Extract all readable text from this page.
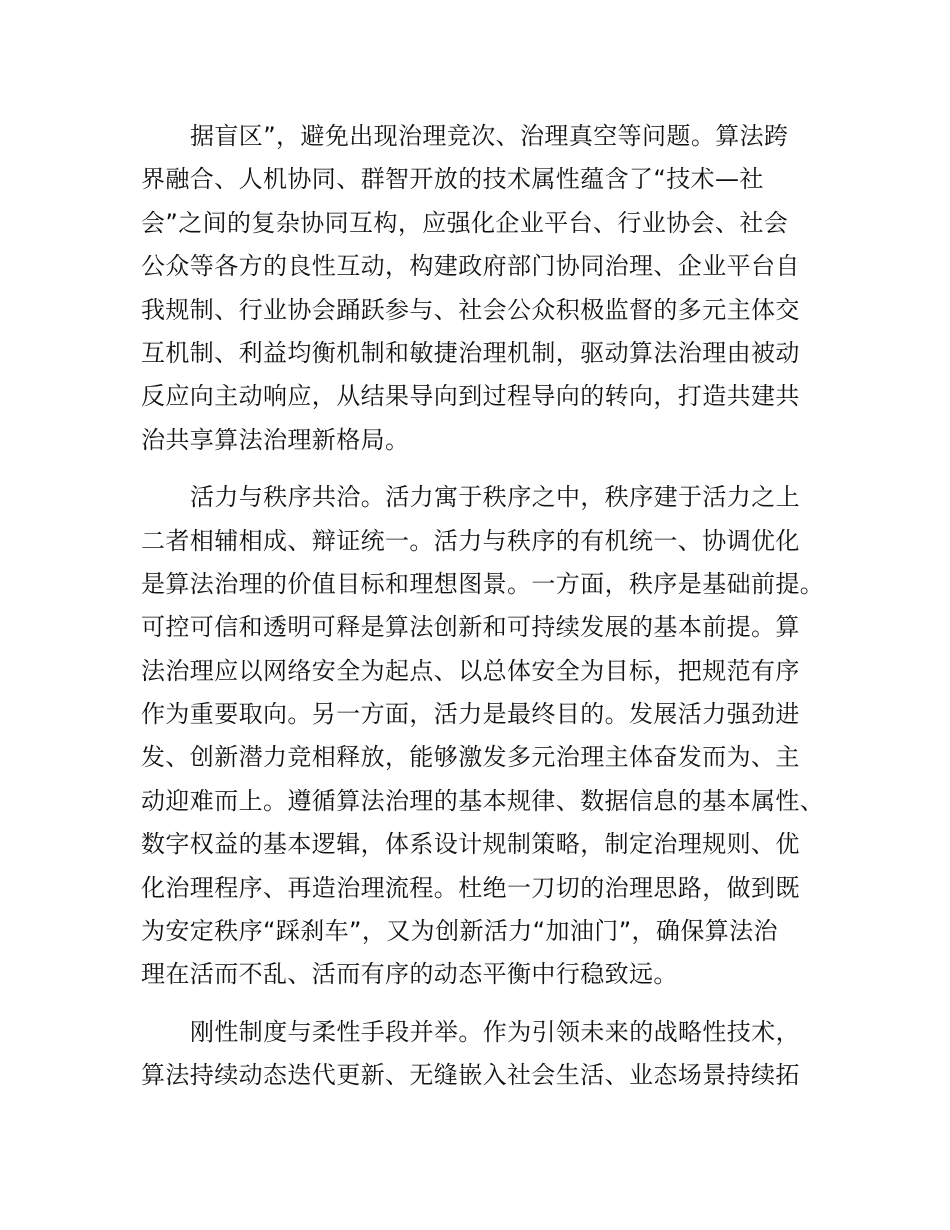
据盲区”，避免出现治理竞次、治理真空等问题。算法跨
界融合、人机协同、群智开放的技术属性蕴含了“技术—社
会”之间的复杂协同互构，应强化企业平台、行业协会、社会
公众等各方的良性互动，构建政府部门协同治理、企业平台自
我规制、行业协会踊跃参与、社会公众积极监督的多元主体交
互机制、利益均衡机制和敏捷治理机制，驱动算法治理由被动
反应向主动响应，从结果导向到过程导向的转向，打造共建共
治共享算法治理新格局。
活力与秩序共洽。活力寓于秩序之中，秩序建于活力之上
二者相辅相成、辩证统一。活力与秩序的有机统一、协调优化
是算法治理的价值目标和理想图景。一方面，秩序是基础前提。
可控可信和透明可释是算法创新和可持续发展的基本前提。算
法治理应以网络安全为起点、以总体安全为目标，把规范有序
作为重要取向。另一方面，活力是最终目的。发展活力强劲进
发、创新潜力竞相释放，能够激发多元治理主体奋发而为、主
动迎难而上。遵循算法治理的基本规律、数据信息的基本属性、
数字权益的基本逻辑，体系设计规制策略，制定治理规则、优
化治理程序、再造治理流程。杜绝一刀切的治理思路，做到既
为安定秩序“踩刹车”，又为创新活力“加油门”，确保算法治
理在活而不乱、活而有序的动态平衡中行稳致远。
刚性制度与柔性手段并举。作为引领未来的战略性技术，
算法持续动态迭代更新、无缝嵌入社会生活、业态场景持续拓
